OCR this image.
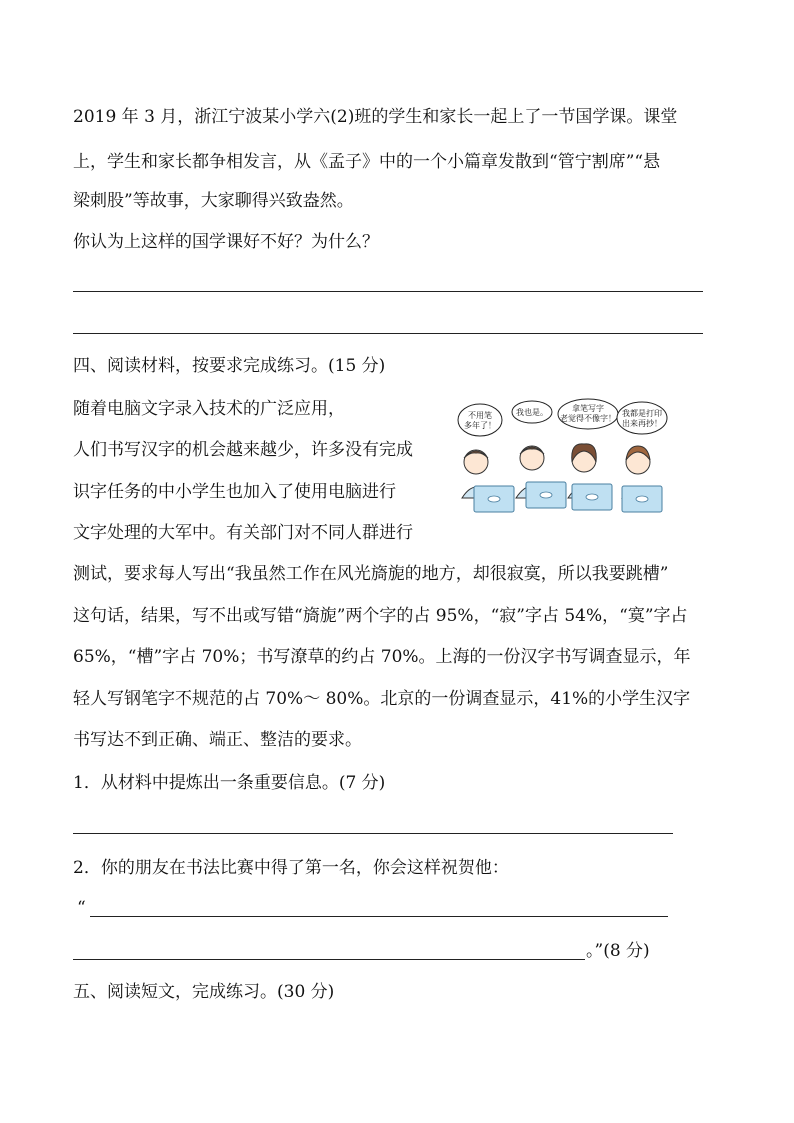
2019 年 3 月，浙江宁波某小学六(2)班的学生和家长一起上了一节国学课。课堂
上，学生和家长都争相发言，从《孟子》中的一个小篇章发散到“管宁割席”“悬
梁刺股”等故事，大家聊得兴致盎然。
你认为上这样的国学课好不好？为什么？
四、阅读材料，按要求完成练习。(15 分)
随着电脑文字录入技术的广泛应用，
人们书写汉字的机会越来越少，许多没有完成
识字任务的中小学生也加入了使用电脑进行
文字处理的大军中。有关部门对不同人群进行
测试，要求每人写出“我虽然工作在风光旖旎的地方，却很寂寞，所以我要跳槽”
这句话，结果，写不出或写错“旖旎”两个字的占 95%，“寂”字占 54%，“寞”字占
65%，“槽”字占 70%；书写潦草的约占 70%。上海的一份汉字书写调查显示，年
轻人写钢笔字不规范的占 70%～ 80%。北京的一份调查显示，41%的小学生汉字
书写达不到正确、端正、整洁的要求。
不用笔
多年了！
我也是。	拿笔写字
老觉得不像字！
我都是打印
出来再抄！
1．从材料中提炼出一条重要信息。(7 分)
2．你的朋友在书法比赛中得了第一名，你会这样祝贺他：
“
。”(8 分)
五、阅读短文，完成练习。(30 分)
